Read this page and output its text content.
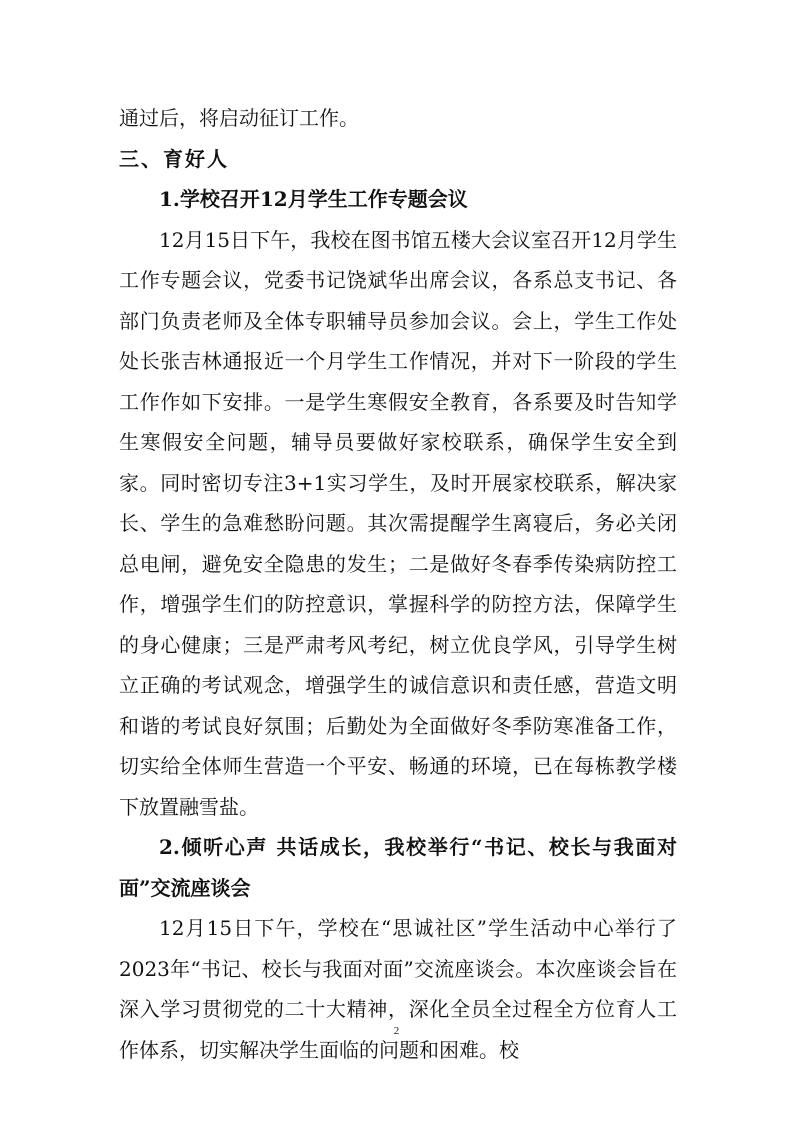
通过后，将启动征订工作。

三、育好人

1.学校召开12月学生工作专题会议

12月15日下午，我校在图书馆五楼大会议室召开12月学生工作专题会议，党委书记饶斌华出席会议，各系总支书记、各部门负责老师及全体专职辅导员参加会议。会上，学生工作处处长张吉林通报近一个月学生工作情况，并对下一阶段的学生工作作如下安排。一是学生寒假安全教育，各系要及时告知学生寒假安全问题，辅导员要做好家校联系，确保学生安全到家。同时密切专注3+1实习学生，及时开展家校联系，解决家长、学生的急难愁盼问题。其次需提醒学生离寝后，务必关闭总电闸，避免安全隐患的发生；二是做好冬春季传染病防控工作，增强学生们的防控意识，掌握科学的防控方法，保障学生的身心健康；三是严肃考风考纪，树立优良学风，引导学生树立正确的考试观念，增强学生的诚信意识和责任感，营造文明和谐的考试良好氛围；后勤处为全面做好冬季防寒准备工作，切实给全体师生营造一个平安、畅通的环境，已在每栋教学楼下放置融雪盐。

2.倾听心声 共话成长，我校举行“书记、校长与我面对面”交流座谈会

12月15日下午，学校在“思诚社区”学生活动中心举行了2023年“书记、校长与我面对面”交流座谈会。本次座谈会旨在深入学习贯彻党的二十大精神，深化全员全过程全方位育人工作体系，切实解决学生面临的问题和困难。校

2
